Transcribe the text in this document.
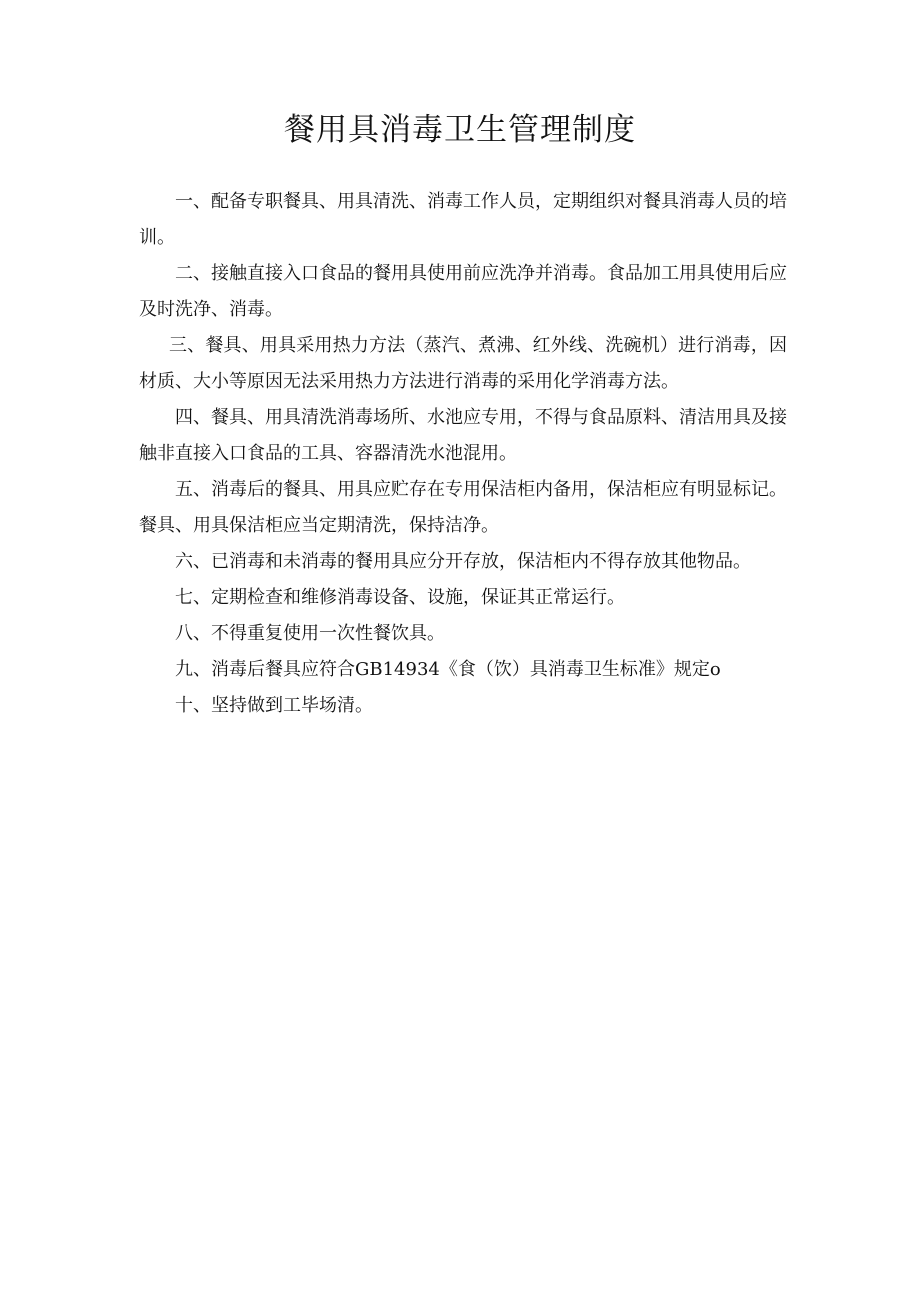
餐用具消毒卫生管理制度

一、配备专职餐具、用具清洗、消毒工作人员，定期组织对餐具消毒人员的培训。

二、接触直接入口食品的餐用具使用前应洗净并消毒。食品加工用具使用后应及时洗净、消毒。

三、餐具、用具采用热力方法（蒸汽、煮沸、红外线、洗碗机）进行消毒，因材质、大小等原因无法采用热力方法进行消毒的采用化学消毒方法。

四、餐具、用具清洗消毒场所、水池应专用，不得与食品原料、清洁用具及接触非直接入口食品的工具、容器清洗水池混用。

五、消毒后的餐具、用具应贮存在专用保洁柜内备用，保洁柜应有明显标记。餐具、用具保洁柜应当定期清洗，保持洁净。

六、已消毒和未消毒的餐用具应分开存放，保洁柜内不得存放其他物品。

七、定期检查和维修消毒设备、设施，保证其正常运行。

八、不得重复使用一次性餐饮具。

九、消毒后餐具应符合GB14934《食（饮）具消毒卫生标准》规定o

十、坚持做到工毕场清。
